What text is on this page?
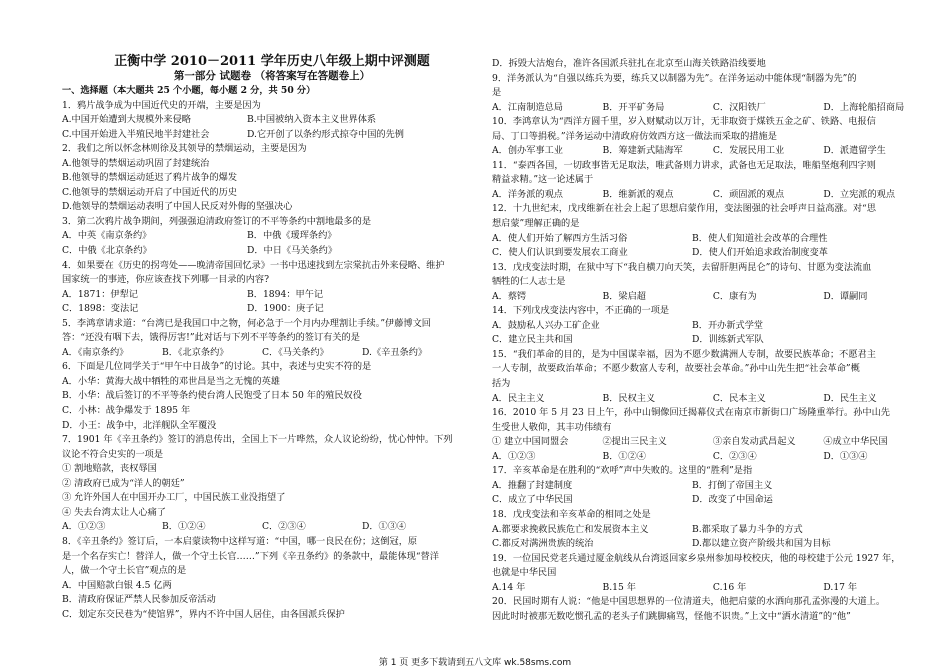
正衡中学 2010－2011 学年历史八年级上期中评测题
第一部分 试题卷 （将答案写在答题卷上）
一、选择题（本大题共 25 个小题，每小题 2 分，共 50 分）
1．鸦片战争成为中国近代史的开端，主要是因为
A.中国开始遭到大规模外来侵略	B.中国被纳入资本主义世界体系
C.中国开始进入半殖民地半封建社会	D.它开创了以条约形式掠夺中国的先例
2．我们之所以怀念林则徐及其领导的禁烟运动，主要是因为
A.他领导的禁烟运动巩固了封建统治
B.他领导的禁烟运动延迟了鸦片战争的爆发
C.他领导的禁烟运动开启了中国近代的历史
D.他领导的禁烟运动表明了中国人民反对外侮的坚强决心
3．第二次鸦片战争期间，列强强迫清政府签订的不平等条约中割地最多的是
A．中英《南京条约》	B．中俄《瑷珲条约》
C．中俄《北京条约》	D．中日《马关条约》
4．如果要在《历史的拐弯处——晚清帝国回忆录》一书中迅速找到左宗棠抗击外来侵略、维护
国家统一的事迹，你应该查找下列哪一目录的内容?
A．1871：伊犁记	B．1894：甲午记
C．1898：变法记	D．1900：庚子记
5．李鸿章请求道：“台湾已是我国口中之物，何必急于一个月内办理割让手续。”伊藤博文回
答：“还没有咽下去，饿得厉害!”此对话与下列不平等条约的签订有关的是
A．《南京条约》	B．《北京条约》	C．《马关条约》	D.《辛丑条约》
6．下面是几位同学关于“甲午中日战争”的讨论。其中，表述与史实不符的是
A．小华：黄海大战中牺牲的邓世昌是当之无愧的英雄
B．小华：战后签订的不平等条约使台湾人民饱受了日本 50 年的殖民奴役
C．小林：战争爆发于 1895 年
D．小王：战争中，北洋舰队全军覆没
7．1901 年《辛丑条约》签订的消息传出，全国上下一片哗然，众人议论纷纷，忧心忡忡。下列
议论不符合史实的一项是
① 割地赔款，丧权辱国
② 清政府已成为“洋人的朝廷”
③ 允许外国人在中国开办工厂，中国民族工业没指望了
④ 失去台湾太让人心痛了
A．①②③	B．①②④	C．②③④	D．①③④
8．《辛丑条约》签订后，一本启蒙读物中这样写道：“中国，哪一良民在份；这倒冠，原
是一个名存实亡！替洋人，做一个守土长官……”下列《辛丑条约》的条款中，最能体现“替洋
人，做一个守土长官”观点的是
A．中国赔款白银 4.5 亿两
B．清政府保证严禁人民参加反帝活动
C．划定东交民巷为“使馆界”，界内不许中国人居住，由各国派兵保护
D．拆毁大沽炮台，准许各国派兵驻扎在北京至山海关铁路沿线要地
9．洋务派认为“自强以练兵为要，练兵又以制器为先”。在洋务运动中能体现“制器为先”的
是
A．江南制造总局	B．开平矿务局	C．汉阳铁厂	D．上海轮船招商局
10．李鸿章认为“西洋方圆千里，岁入财赋动以万计，无非取资于煤铁五金之矿、铁路、电报信
局、丁口等捐税。”洋务运动中清政府仿效西方这一做法而采取的措施是
A．创办军事工业	B．筹建新式陆海军	C．发展民用工业	D．派遣留学生
11．“泰西各国，一切政事皆无足取法，唯武备则力讲求，武备也无足取法，唯船坚炮利四字则
精益求精。”这一论述属于
A．洋务派的观点	B．维新派的观点	C．顽固派的观点	D．立宪派的观点
12．十九世纪末，戊戌维新在社会上起了思想启蒙作用，变法图强的社会呼声日益高涨。对“思
想启蒙”理解正确的是
A．使人们开始了解西方生活习俗	B．使人们知道社会改革的合理性
C．使人们认识到要发展农工商业	D．使人们开始追求政治制度变革
13．戊戌变法时期，在狱中写下“我自横刀向天笑，去留肝胆两昆仑”的诗句、甘愿为变法流血
牺牲的仁人志士是
A．蔡锷	B．梁启超	C．康有为	D．谭嗣同
14．下列戊戌变法内容中，不正确的一项是
A．鼓励私人兴办工矿企业	B．开办新式学堂
C．建立民主共和国	D．训练新式军队
15．“我们革命的目的，是为中国谋幸福，因为不愿少数满洲人专制，故要民族革命；不愿君主
一人专制，故要政治革命；不愿少数富人专利，故要社会革命。”孙中山先生把“社会革命”概
括为
A．民主主义	B．民权主义	C．民本主义	D．民生主义
16．2010 年 5 月 23 日上午，孙中山铜像回迁揭幕仪式在南京市新街口广场隆重举行。孙中山先
生受世人敬仰，其丰功伟绩有
① 建立中国同盟会	②提出三民主义	③亲自发动武昌起义	④成立中华民国
A．①②③	B．①②④	C．②③④	D．①③④
17．辛亥革命是在胜利的“欢呼”声中失败的。这里的“胜利”是指
A．推翻了封建制度	B．打倒了帝国主义
C．成立了中华民国	D．改变了中国命运
18．戊戌变法和辛亥革命的相同之处是
A.都要求挽救民族危亡和发展资本主义	B.都采取了暴力斗争的方式
C.都反对满洲贵族的统治	D.都以建立资产阶级共和国为目标
19．一位国民党老兵通过厦金航线从台湾返回家乡泉州参加母校校庆，他的母校建于公元 1927 年，
也就是中华民国
A.14 年	B.15 年	C.16 年	D.17 年
20．民国时期有人说：“他是中国思想界的一位清道夫，他把启蒙的水洒向那孔孟弥漫的大道上。
因此时时被那无数吃惯孔孟的老头子们跳脚痛骂，怪他不识贵。”上文中“洒水清道”的“他”
第 1 页 更多下载请到五八文库 wk.58sms.com
